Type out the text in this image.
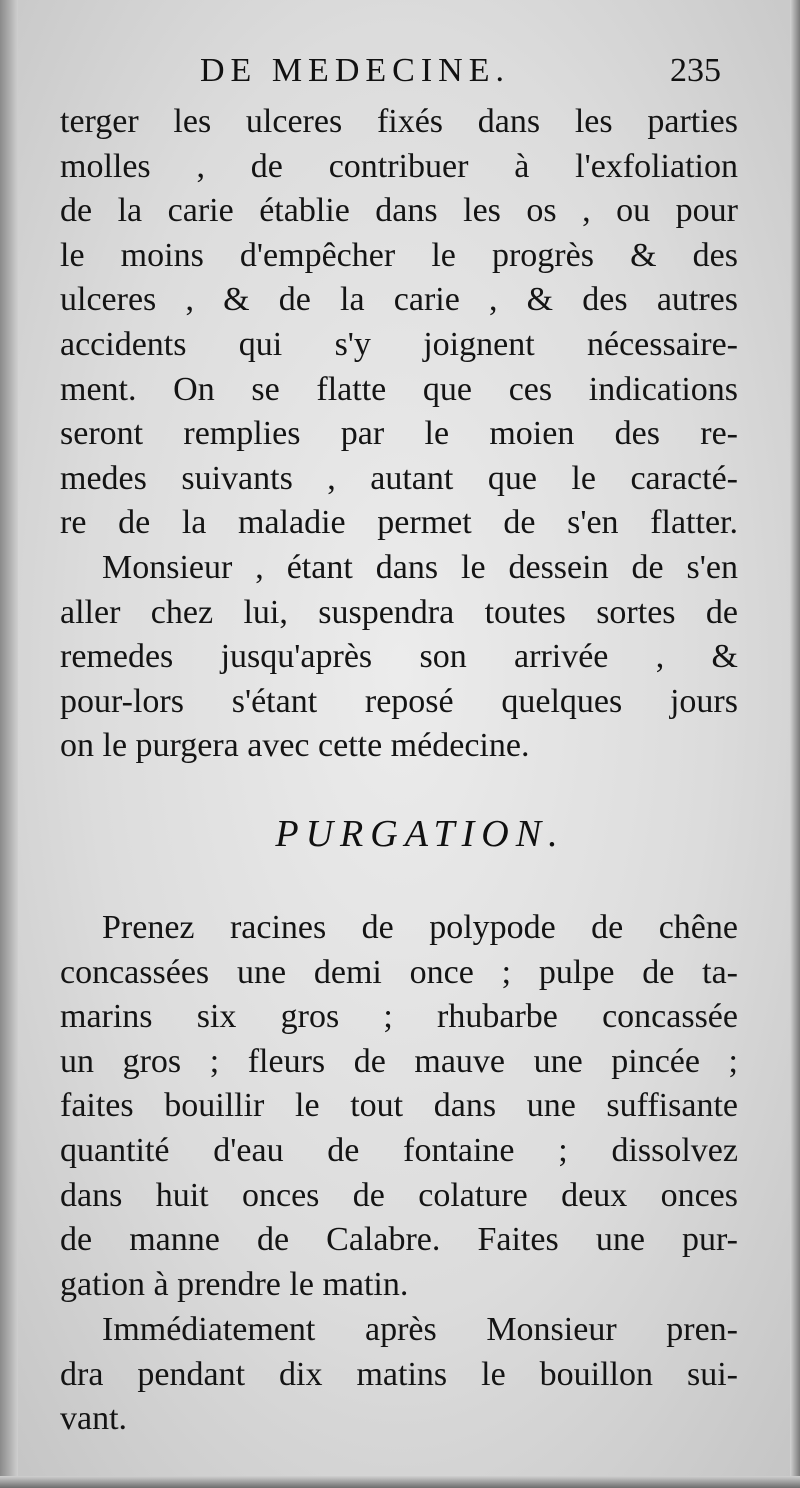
DE MEDECINE.	235
terger les ulceres fixés dans les parties
molles , de contribuer à l'exfoliation
de la carie établie dans les os , ou pour
le moins d'empêcher le progrès & des
ulceres , & de la carie , & des autres
accidents qui s'y joignent nécessaire-
ment. On se flatte que ces indications
seront remplies par le moien des re-
medes suivants , autant que le caracté-
re de la maladie permet de s'en flatter.
Monsieur , étant dans le dessein de s'en
aller chez lui, suspendra toutes sortes de
remedes jusqu'après son arrivée , &
pour-lors s'étant reposé quelques jours
on le purgera avec cette médecine.
PURGATION.
Prenez racines de polypode de chêne
concassées une demi once ; pulpe de ta-
marins six gros ; rhubarbe concassée
un gros ; fleurs de mauve une pincée ;
faites bouillir le tout dans une suffisante
quantité d'eau de fontaine ; dissolvez
dans huit onces de colature deux onces
de manne de Calabre. Faites une pur-
gation à prendre le matin.
Immédiatement après Monsieur pren-
dra pendant dix matins le bouillon sui-
vant.
